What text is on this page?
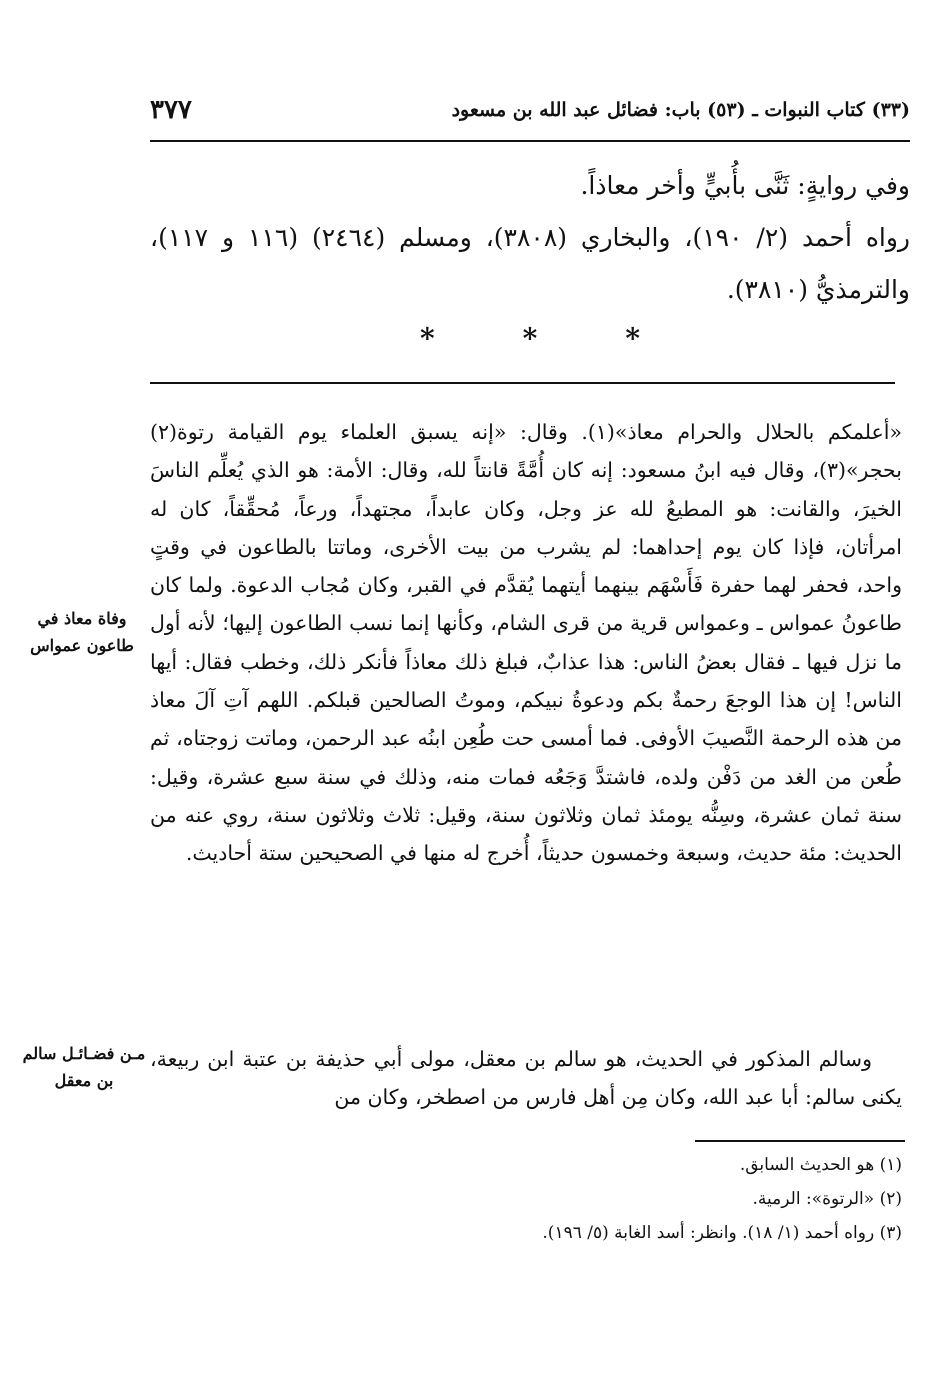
٣٧٧	(٣٣) كتاب النبوات ـ (٥٣) باب: فضائل عبد الله بن مسعود

وفي روايةٍ: ثَنَّى بأُبيٍّ وأخر معاذاً.

رواه أحمد (٢/ ١٩٠)، والبخاري (٣٨٠٨)، ومسلم (٢٤٦٤) (١١٦ و ١١٧)، والترمذيُّ (٣٨١٠).

*	*	*

«أعلمكم بالحلال والحرام معاذ»(١). وقال: «إنه يسبق العلماء يوم القيامة رتوة(٢) بحجر»(٣)، وقال فيه ابنُ مسعود: إنه كان أُمَّةً قانتاً لله، وقال: الأمة: هو الذي يُعلِّم الناسَ الخيرَ، والقانت: هو المطيعُ لله عز وجل، وكان عابداً، مجتهداً، ورعاً، مُحقِّقاً، كان له امرأتان، فإذا كان يوم إحداهما: لم يشرب من بيت الأخرى، وماتتا بالطاعون في وقتٍ واحد، فحفر لهما حفرة فَأَسْهَم بينهما أيتهما يُقدَّم في القبر، وكان مُجاب الدعوة. ولما كان طاعونُ عمواس ـ وعمواس قرية من قرى الشام، وكأنها إنما نسب الطاعون إليها؛ لأنه أول ما نزل فيها ـ فقال بعضُ الناس: هذا عذابٌ، فبلغ ذلك معاذاً فأنكر ذلك، وخطب فقال: أيها الناس! إن هذا الوجعَ رحمةٌ بكم ودعوةُ نبيكم، وموتُ الصالحين قبلكم. اللهم آتِ آلَ معاذ من هذه الرحمة النَّصيبَ الأوفى. فما أمسى حت طُعِن ابنُه عبد الرحمن، وماتت زوجتاه، ثم طُعن من الغد من دَفْن ولده، فاشتدَّ وَجَعُه فمات منه، وذلك في سنة سبع عشرة، وقيل: سنة ثمان عشرة، وسِنُّه يومئذ ثمان وثلاثون سنة، وقيل: ثلاث وثلاثون سنة، روي عنه من الحديث: مئة حديث، وسبعة وخمسون حديثاً، أُخرج له منها في الصحيحين ستة أحاديث.

وسالم المذكور في الحديث، هو سالم بن معقل، مولى أبي حذيفة بن عتبة ابن ربيعة، يكنى سالم: أبا عبد الله، وكان مِن أهل فارس من اصطخر، وكان من

وفاة معاذ في طاعون عمواس
مـن فضـائـل سالم بن معقل
(١) هو الحديث السابق.
(٢) «الرتوة»: الرمية.
(٣) رواه أحمد (١/ ١٨). وانظر: أسد الغابة (٥/ ١٩٦).
